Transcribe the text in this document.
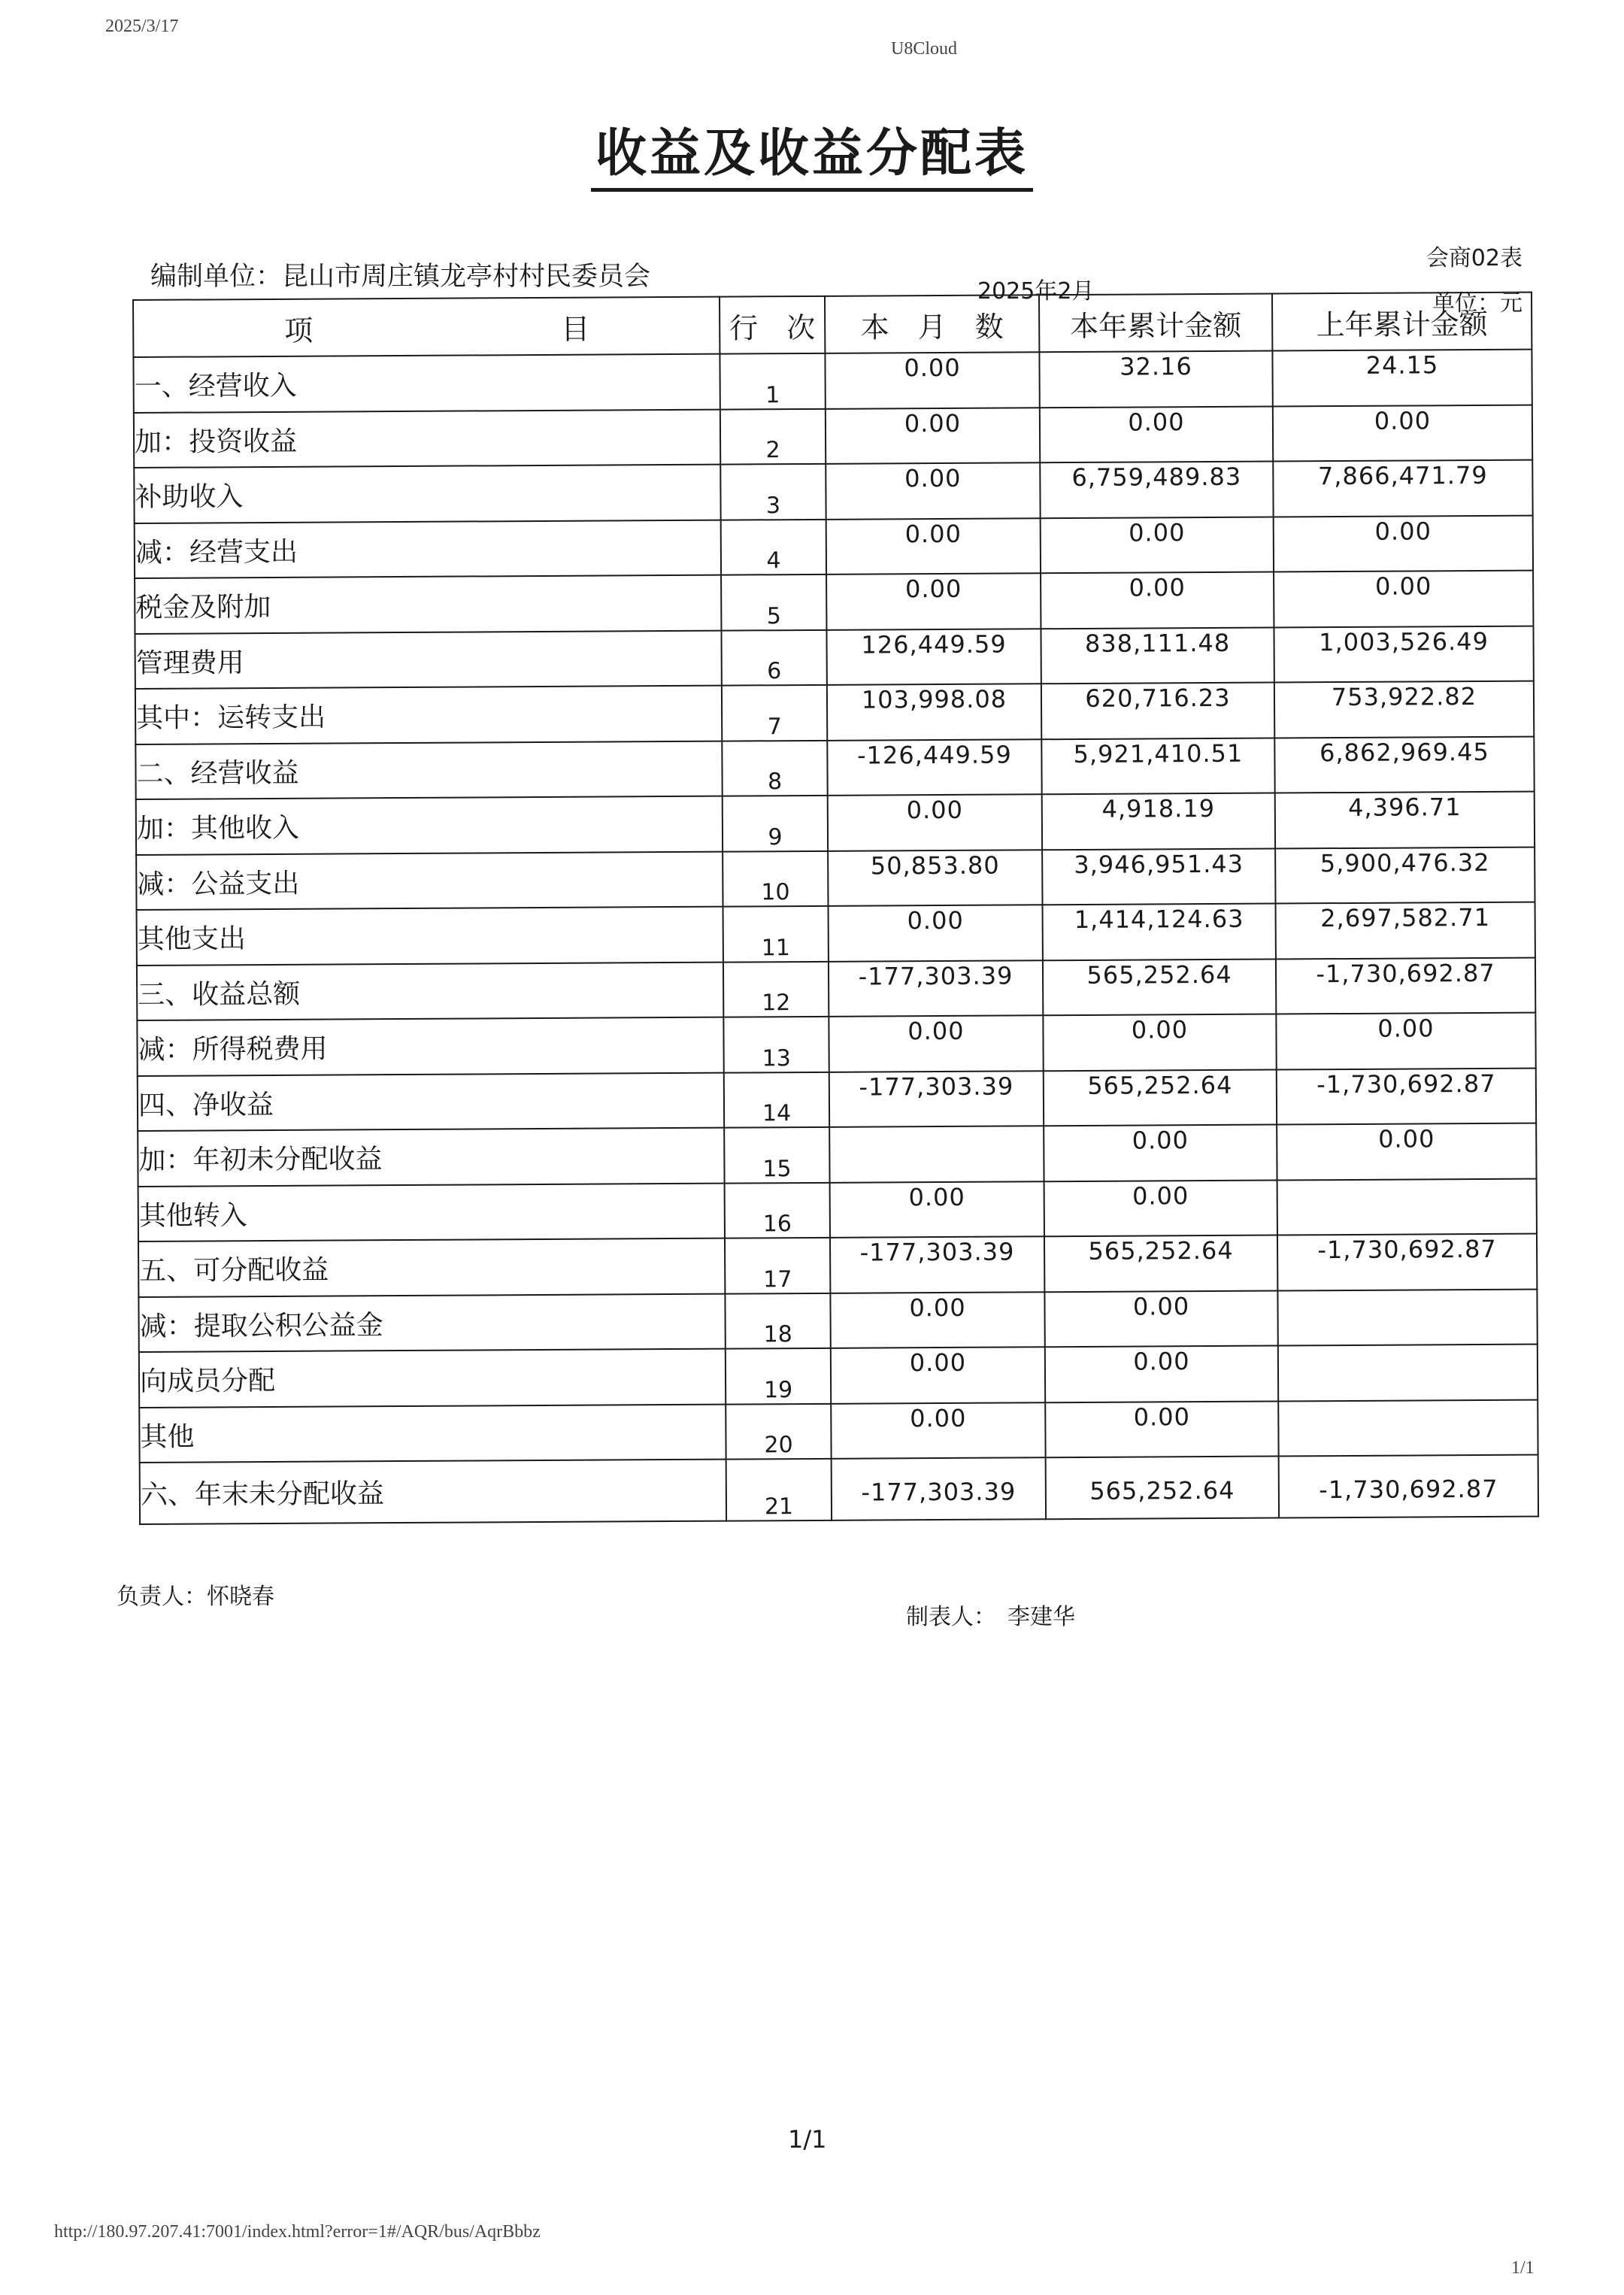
2025/3/17
U8Cloud
收益及收益分配表
会商02表
编制单位：昆山市周庄镇龙亭村村民委员会	2025年2月	单位：元
项 目	行　次	本　月　数	本年累计金额	上年累计金额
一、经营收入	1	0.00	32.16	24.15
加：投资收益	2	0.00	0.00	0.00
补助收入	3	0.00	6,759,489.83	7,866,471.79
减：经营支出	4	0.00	0.00	0.00
税金及附加	5	0.00	0.00	0.00
管理费用	6	126,449.59	838,111.48	1,003,526.49
其中：运转支出	7	103,998.08	620,716.23	753,922.82
二、经营收益	8	-126,449.59	5,921,410.51	6,862,969.45
加：其他收入	9	0.00	4,918.19	4,396.71
减：公益支出	10	50,853.80	3,946,951.43	5,900,476.32
其他支出	11	0.00	1,414,124.63	2,697,582.71
三、收益总额	12	-177,303.39	565,252.64	-1,730,692.87
减：所得税费用	13	0.00	0.00	0.00
四、净收益	14	-177,303.39	565,252.64	-1,730,692.87
加：年初未分配收益	15		0.00	0.00
其他转入	16	0.00	0.00	
五、可分配收益	17	-177,303.39	565,252.64	-1,730,692.87
减：提取公积公益金	18	0.00	0.00	
向成员分配	19	0.00	0.00	
其他	20	0.00	0.00	
六、年末未分配收益	21	-177,303.39	565,252.64	-1,730,692.87
负责人：怀晓春
制表人：　李建华
1/1
http://180.97.207.41:7001/index.html?error=1#/AQR/bus/AqrBbbz
1/1
